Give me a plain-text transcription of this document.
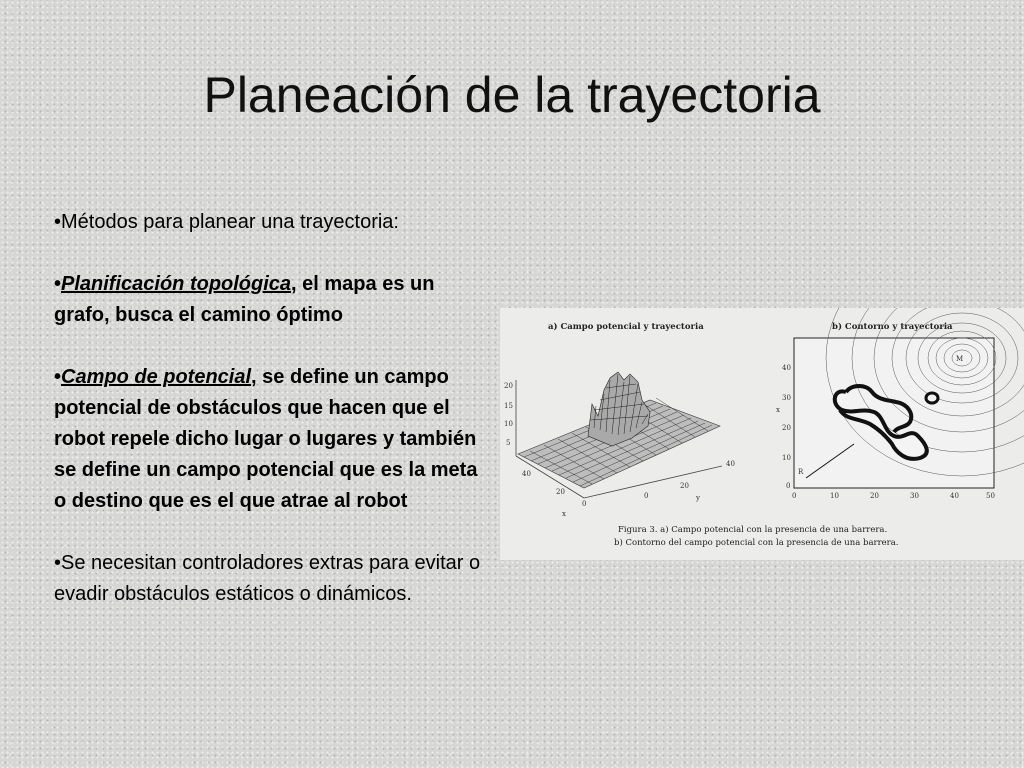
Planeación de la trayectoria

•Métodos para planear una trayectoria:

•Planificación topológica, el mapa es un grafo, busca el camino óptimo

•Campo de potencial, se define un campo potencial de obstáculos que hacen que el robot repele dicho lugar o lugares y también se define un campo potencial que es la meta o destino que es el que atrae al robot

•Se necesitan controladores extras para evitar o evadir obstáculos estáticos o dinámicos.

a) Campo potencial y trayectoria	b) Contorno y trayectoria
20
15
10
5
40
20
0
x
0
20
40
y
M
R
40
30
20
10
0
x
0	10	20	30	40	50
Figura 3. a) Campo potencial con la presencia de una barrera.
b) Contorno del campo potencial con la presencia de una barrera.
